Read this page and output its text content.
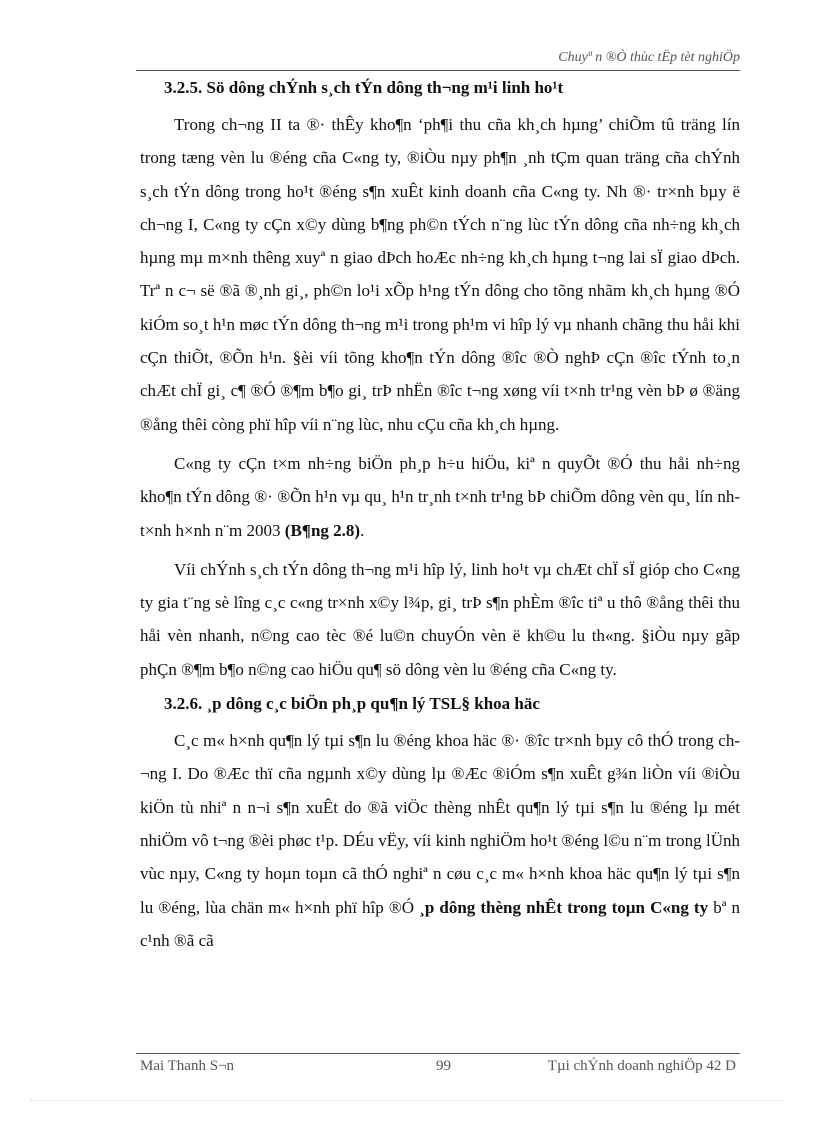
Chuyª n ®Ò thùc tËp tèt nghiÖp
3.2.5. Sö dông chÝnh s¸ch tÝn dông th¬ng m¹i linh ho¹t

Trong ch¬ng II ta ®· thÊy kho¶n ‘ph¶i thu cña kh¸ch hµng’ chiÕm tû träng lín trong tæng vèn lu ®éng cña C«ng ty, ®iÒu nµy ph¶n ¸nh tÇm quan träng cña chÝnh s¸ch tÝn dông trong ho¹t ®éng s¶n xuÊt kinh doanh cña C«ng ty. Nh ®· tr×nh bµy ë ch¬ng I, C«ng ty cÇn x©y dùng b¶ng ph©n tÝch n¨ng lùc tÝn dông cña nh÷ng kh¸ch hµng mµ m×nh thêng xuyª n giao dÞch hoÆc nh÷ng kh¸ch hµng t¬ng lai sÏ giao dÞch. Trª n c¬ së ®ã ®¸nh gi¸, ph©n lo¹i xÕp h¹ng tÝn dông cho tõng nhãm kh¸ch hµng ®Ó kiÓm so¸t h¹n møc tÝn dông th¬ng m¹i trong ph¹m vi hîp lý vµ nhanh chãng thu håi khi cÇn thiÕt, ®Õn h¹n. §èi víi tõng kho¶n tÝn dông ®îc ®Ò nghÞ cÇn ®îc tÝnh to¸n chÆt chÏ gi¸ c¶ ®Ó ®¶m b¶o gi¸ trÞ nhËn ®îc t¬ng xøng víi t×nh tr¹ng vèn bÞ ø ®äng ®ång thêi còng phï hîp víi n¨ng lùc, nhu cÇu cña kh¸ch hµng.

C«ng ty cÇn t×m nh÷ng biÖn ph¸p h÷u hiÖu, kiª n quyÕt ®Ó thu håi nh÷ng kho¶n tÝn dông ®· ®Õn h¹n vµ qu¸ h¹n tr¸nh t×nh tr¹ng bÞ chiÕm dông vèn qu¸ lín nh t×nh h×nh n¨m 2003 (B¶ng 2.8).

Víi chÝnh s¸ch tÝn dông th¬ng m¹i hîp lý, linh ho¹t vµ chÆt chÏ sÏ gióp cho C«ng ty gia t¨ng sè lîng c¸c c«ng tr×nh x©y l¾p, gi¸ trÞ s¶n phÈm ®îc tiª u thô ®ång thêi thu håi vèn nhanh, n©ng cao tèc ®é lu©n chuyÓn vèn ë kh©u lu th«ng. §iÒu nµy gãp phÇn ®¶m b¶o n©ng cao hiÖu qu¶ sö dông vèn lu ®éng cña C«ng ty.

3.2.6. ¸p dông c¸c biÖn ph¸p qu¶n lý TSL§ khoa häc

C¸c m« h×nh qu¶n lý tµi s¶n lu ®éng khoa häc ®· ®îc tr×nh bµy cô thÓ trong ch¬ng I. Do ®Æc thï cña ngµnh x©y dùng lµ ®Æc ®iÓm s¶n xuÊt g¾n liÒn víi ®iÒu kiÖn tù nhiª n n¬i s¶n xuÊt do ®ã viÖc thèng nhÊt qu¶n lý tµi s¶n lu ®éng lµ mét nhiÖm vô t¬ng ®èi phøc t¹p. DÉu vËy, víi kinh nghiÖm ho¹t ®éng l©u n¨m trong lÜnh vùc nµy, C«ng ty hoµn toµn cã thÓ nghiª n cøu c¸c m« h×nh khoa häc qu¶n lý tµi s¶n lu ®éng, lùa chän m« h×nh phï hîp ®Ó ¸p dông thèng nhÊt trong toµn C«ng ty bª n c¹nh ®ã cã

Mai Thanh S¬n	99	Tµi chÝnh doanh nghiÖp 42 D
